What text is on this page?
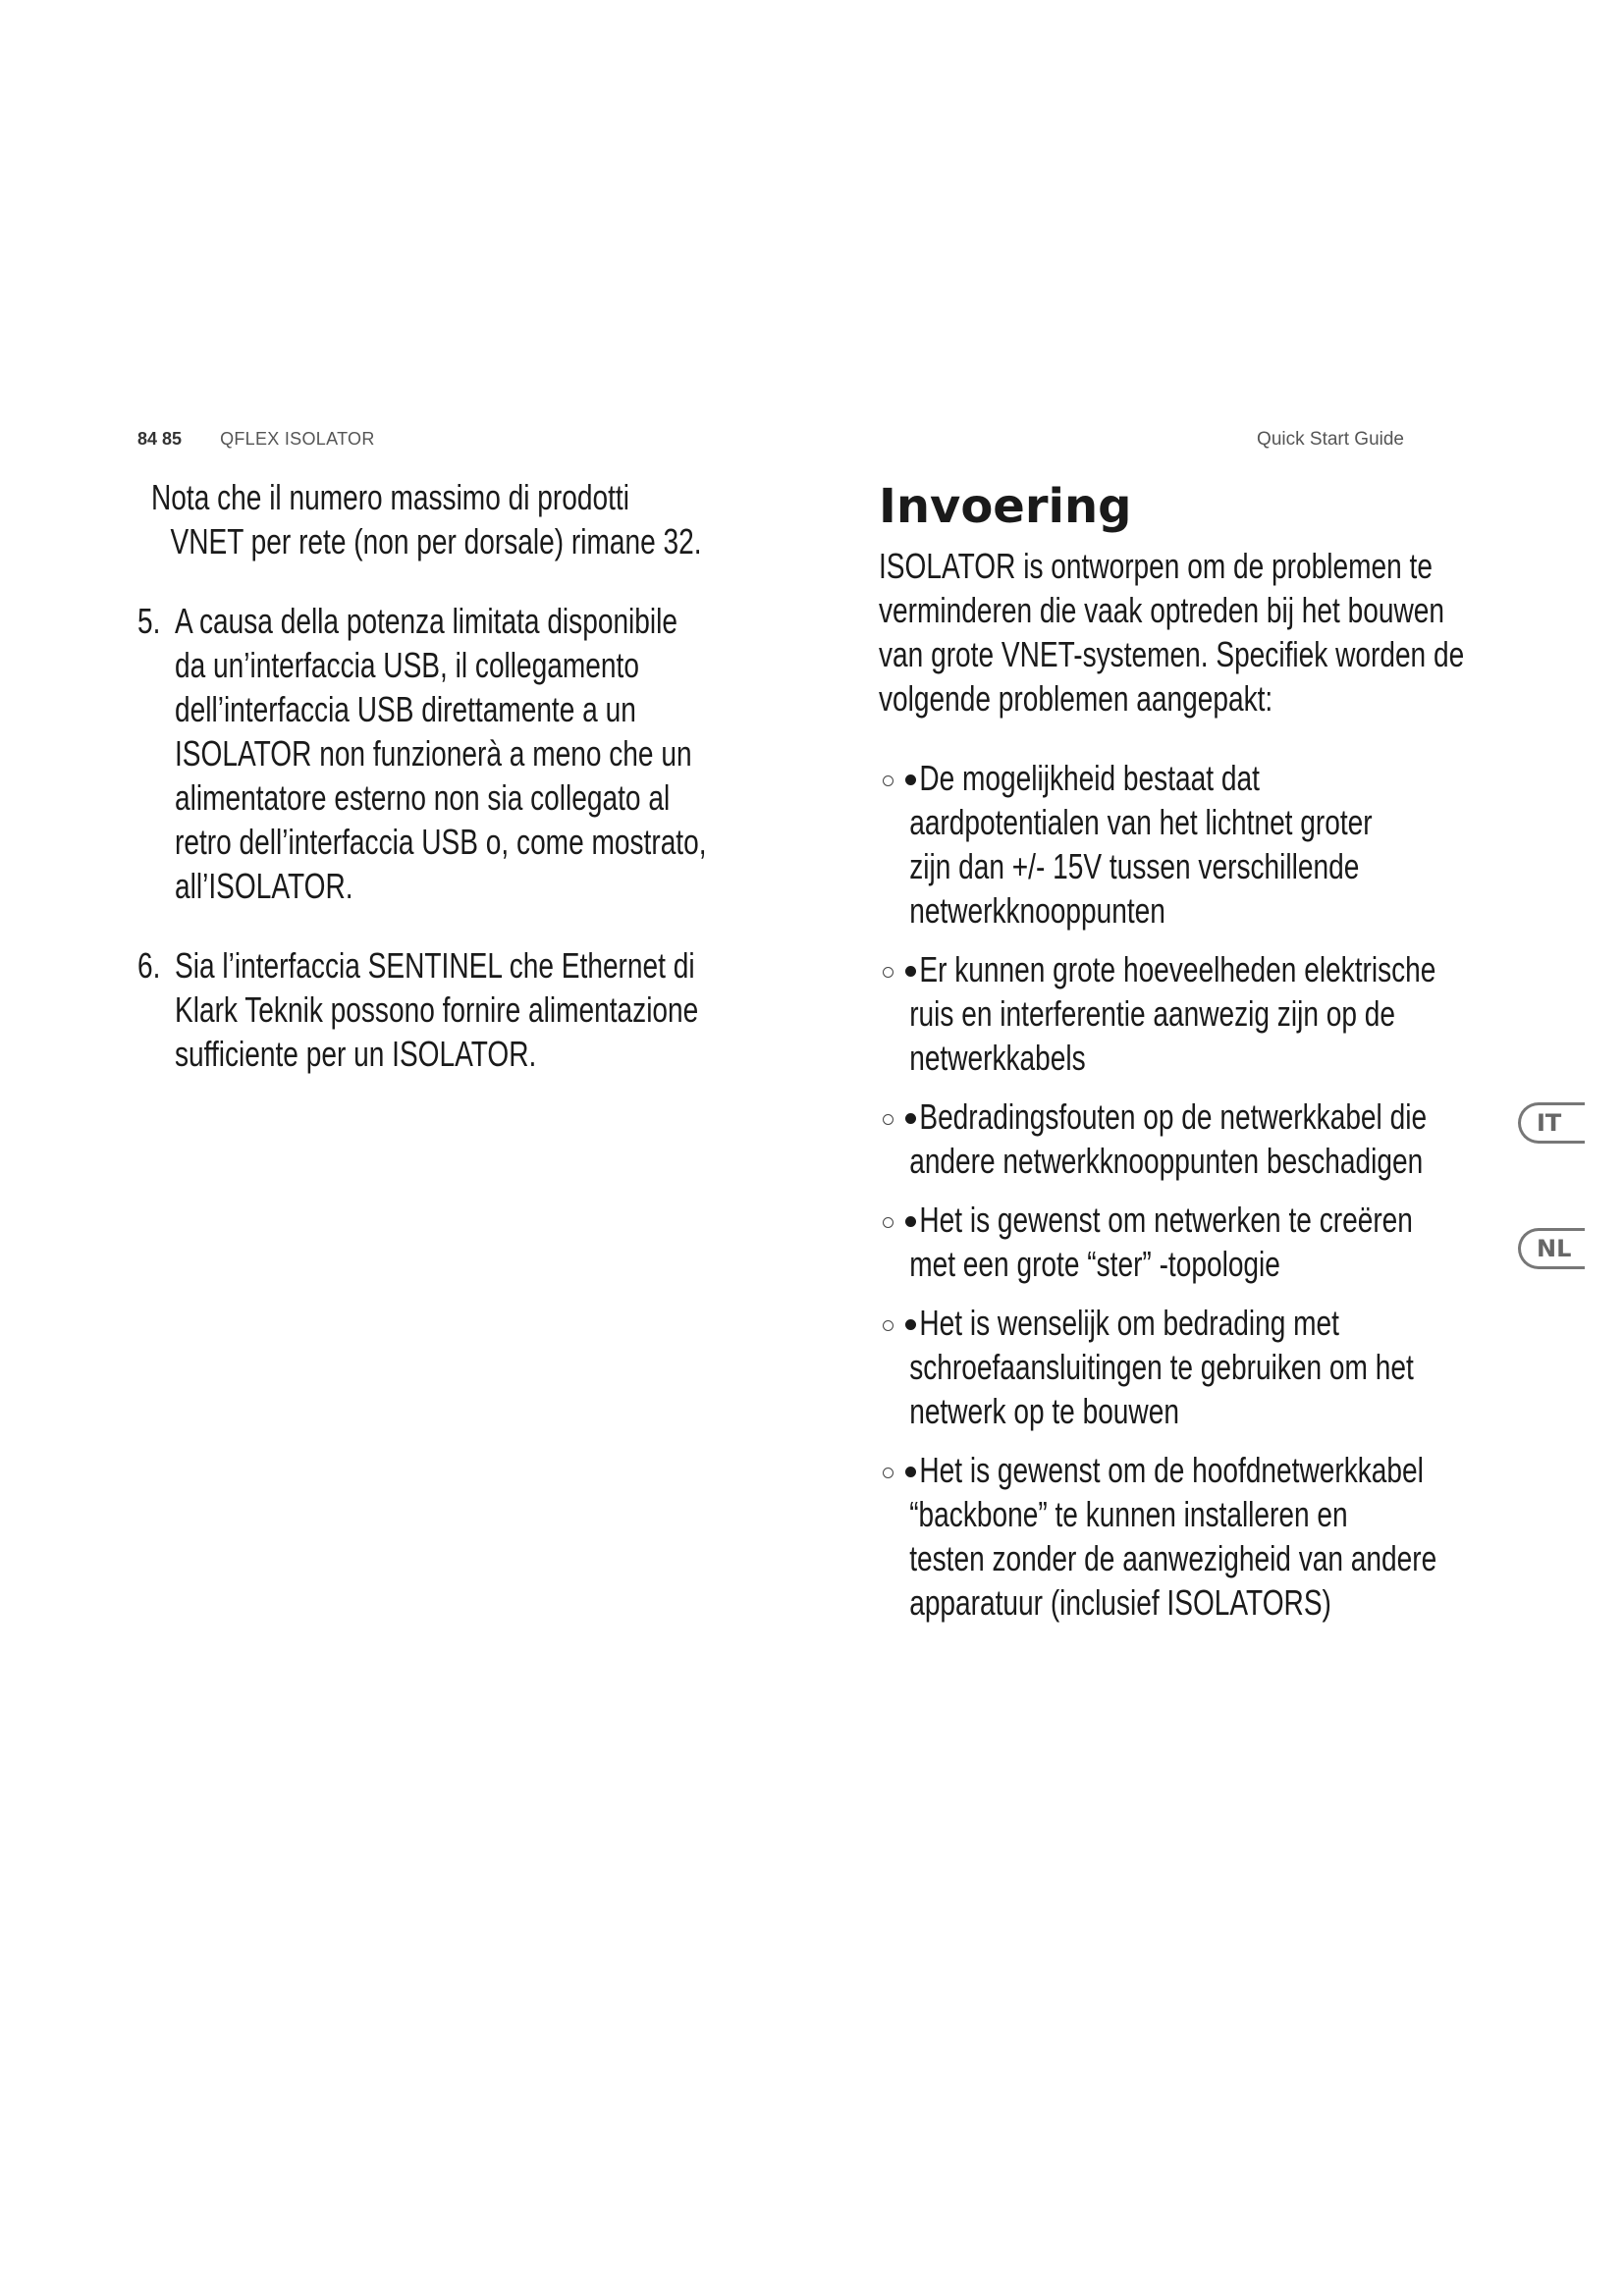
84 85 QFLEX ISOLATOR	Quick Start Guide
Nota che il numero massimo di prodotti
VNET per rete (non per dorsale) rimane 32.
5. A causa della potenza limitata disponibile
da un’interfaccia USB, il collegamento
dell’interfaccia USB direttamente a un
ISOLATOR non funzionerà a meno che un
alimentatore esterno non sia collegato al
retro dell’interfaccia USB o, come mostrato,
all’ISOLATOR.
6. Sia l’interfaccia SENTINEL che Ethernet di
Klark Teknik possono fornire alimentazione
sufficiente per un ISOLATOR.
Invoering
ISOLATOR is ontworpen om de problemen te
verminderen die vaak optreden bij het bouwen
van grote VNET-systemen. Specifiek worden de
volgende problemen aangepakt:
De mogelijkheid bestaat dat
aardpotentialen van het lichtnet groter
zijn dan +/- 15V tussen verschillende
netwerkknooppunten
Er kunnen grote hoeveelheden elektrische
ruis en interferentie aanwezig zijn op de
netwerkkabels
Bedradingsfouten op de netwerkkabel die
andere netwerkknooppunten beschadigen
Het is gewenst om netwerken te creëren
met een grote “ster” -topologie
Het is wenselijk om bedrading met
schroefaansluitingen te gebruiken om het
netwerk op te bouwen
Het is gewenst om de hoofdnetwerkkabel
“backbone” te kunnen installeren en
testen zonder de aanwezigheid van andere
apparatuur (inclusief ISOLATORS)
IT
NL
